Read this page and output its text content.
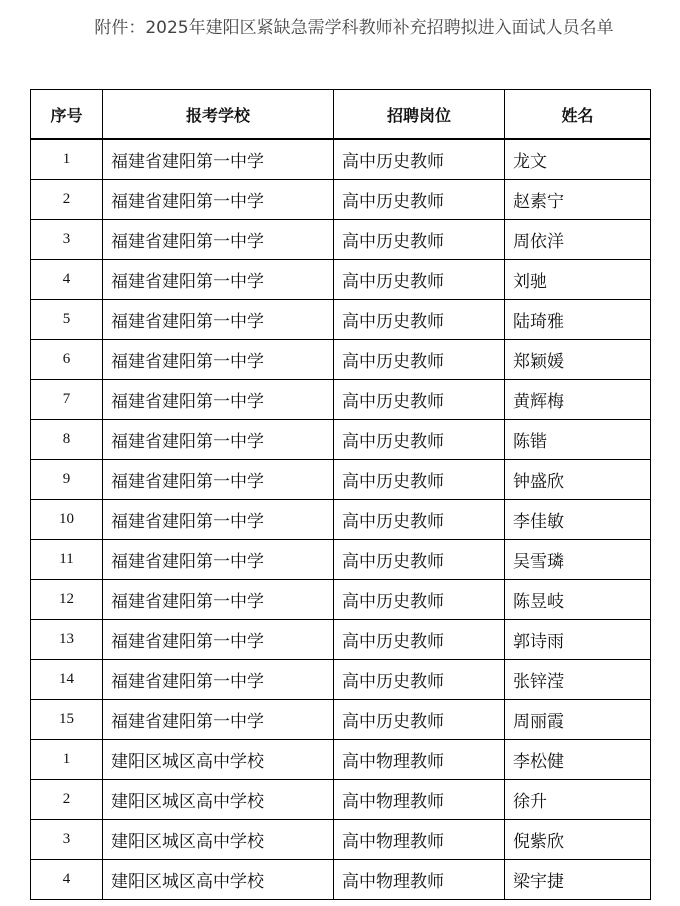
附件：2025年建阳区紧缺急需学科教师补充招聘拟进入面试人员名单
序号	报考学校	招聘岗位	姓名
1	福建省建阳第一中学	高中历史教师	龙文
2	福建省建阳第一中学	高中历史教师	赵素宁
3	福建省建阳第一中学	高中历史教师	周依洋
4	福建省建阳第一中学	高中历史教师	刘驰
5	福建省建阳第一中学	高中历史教师	陆琦雅
6	福建省建阳第一中学	高中历史教师	郑颖媛
7	福建省建阳第一中学	高中历史教师	黄辉梅
8	福建省建阳第一中学	高中历史教师	陈锴
9	福建省建阳第一中学	高中历史教师	钟盛欣
10	福建省建阳第一中学	高中历史教师	李佳敏
11	福建省建阳第一中学	高中历史教师	吴雪璘
12	福建省建阳第一中学	高中历史教师	陈昱岐
13	福建省建阳第一中学	高中历史教师	郭诗雨
14	福建省建阳第一中学	高中历史教师	张锌滢
15	福建省建阳第一中学	高中历史教师	周丽霞
1	建阳区城区高中学校	高中物理教师	李松健
2	建阳区城区高中学校	高中物理教师	徐升
3	建阳区城区高中学校	高中物理教师	倪紫欣
4	建阳区城区高中学校	高中物理教师	梁宇捷
